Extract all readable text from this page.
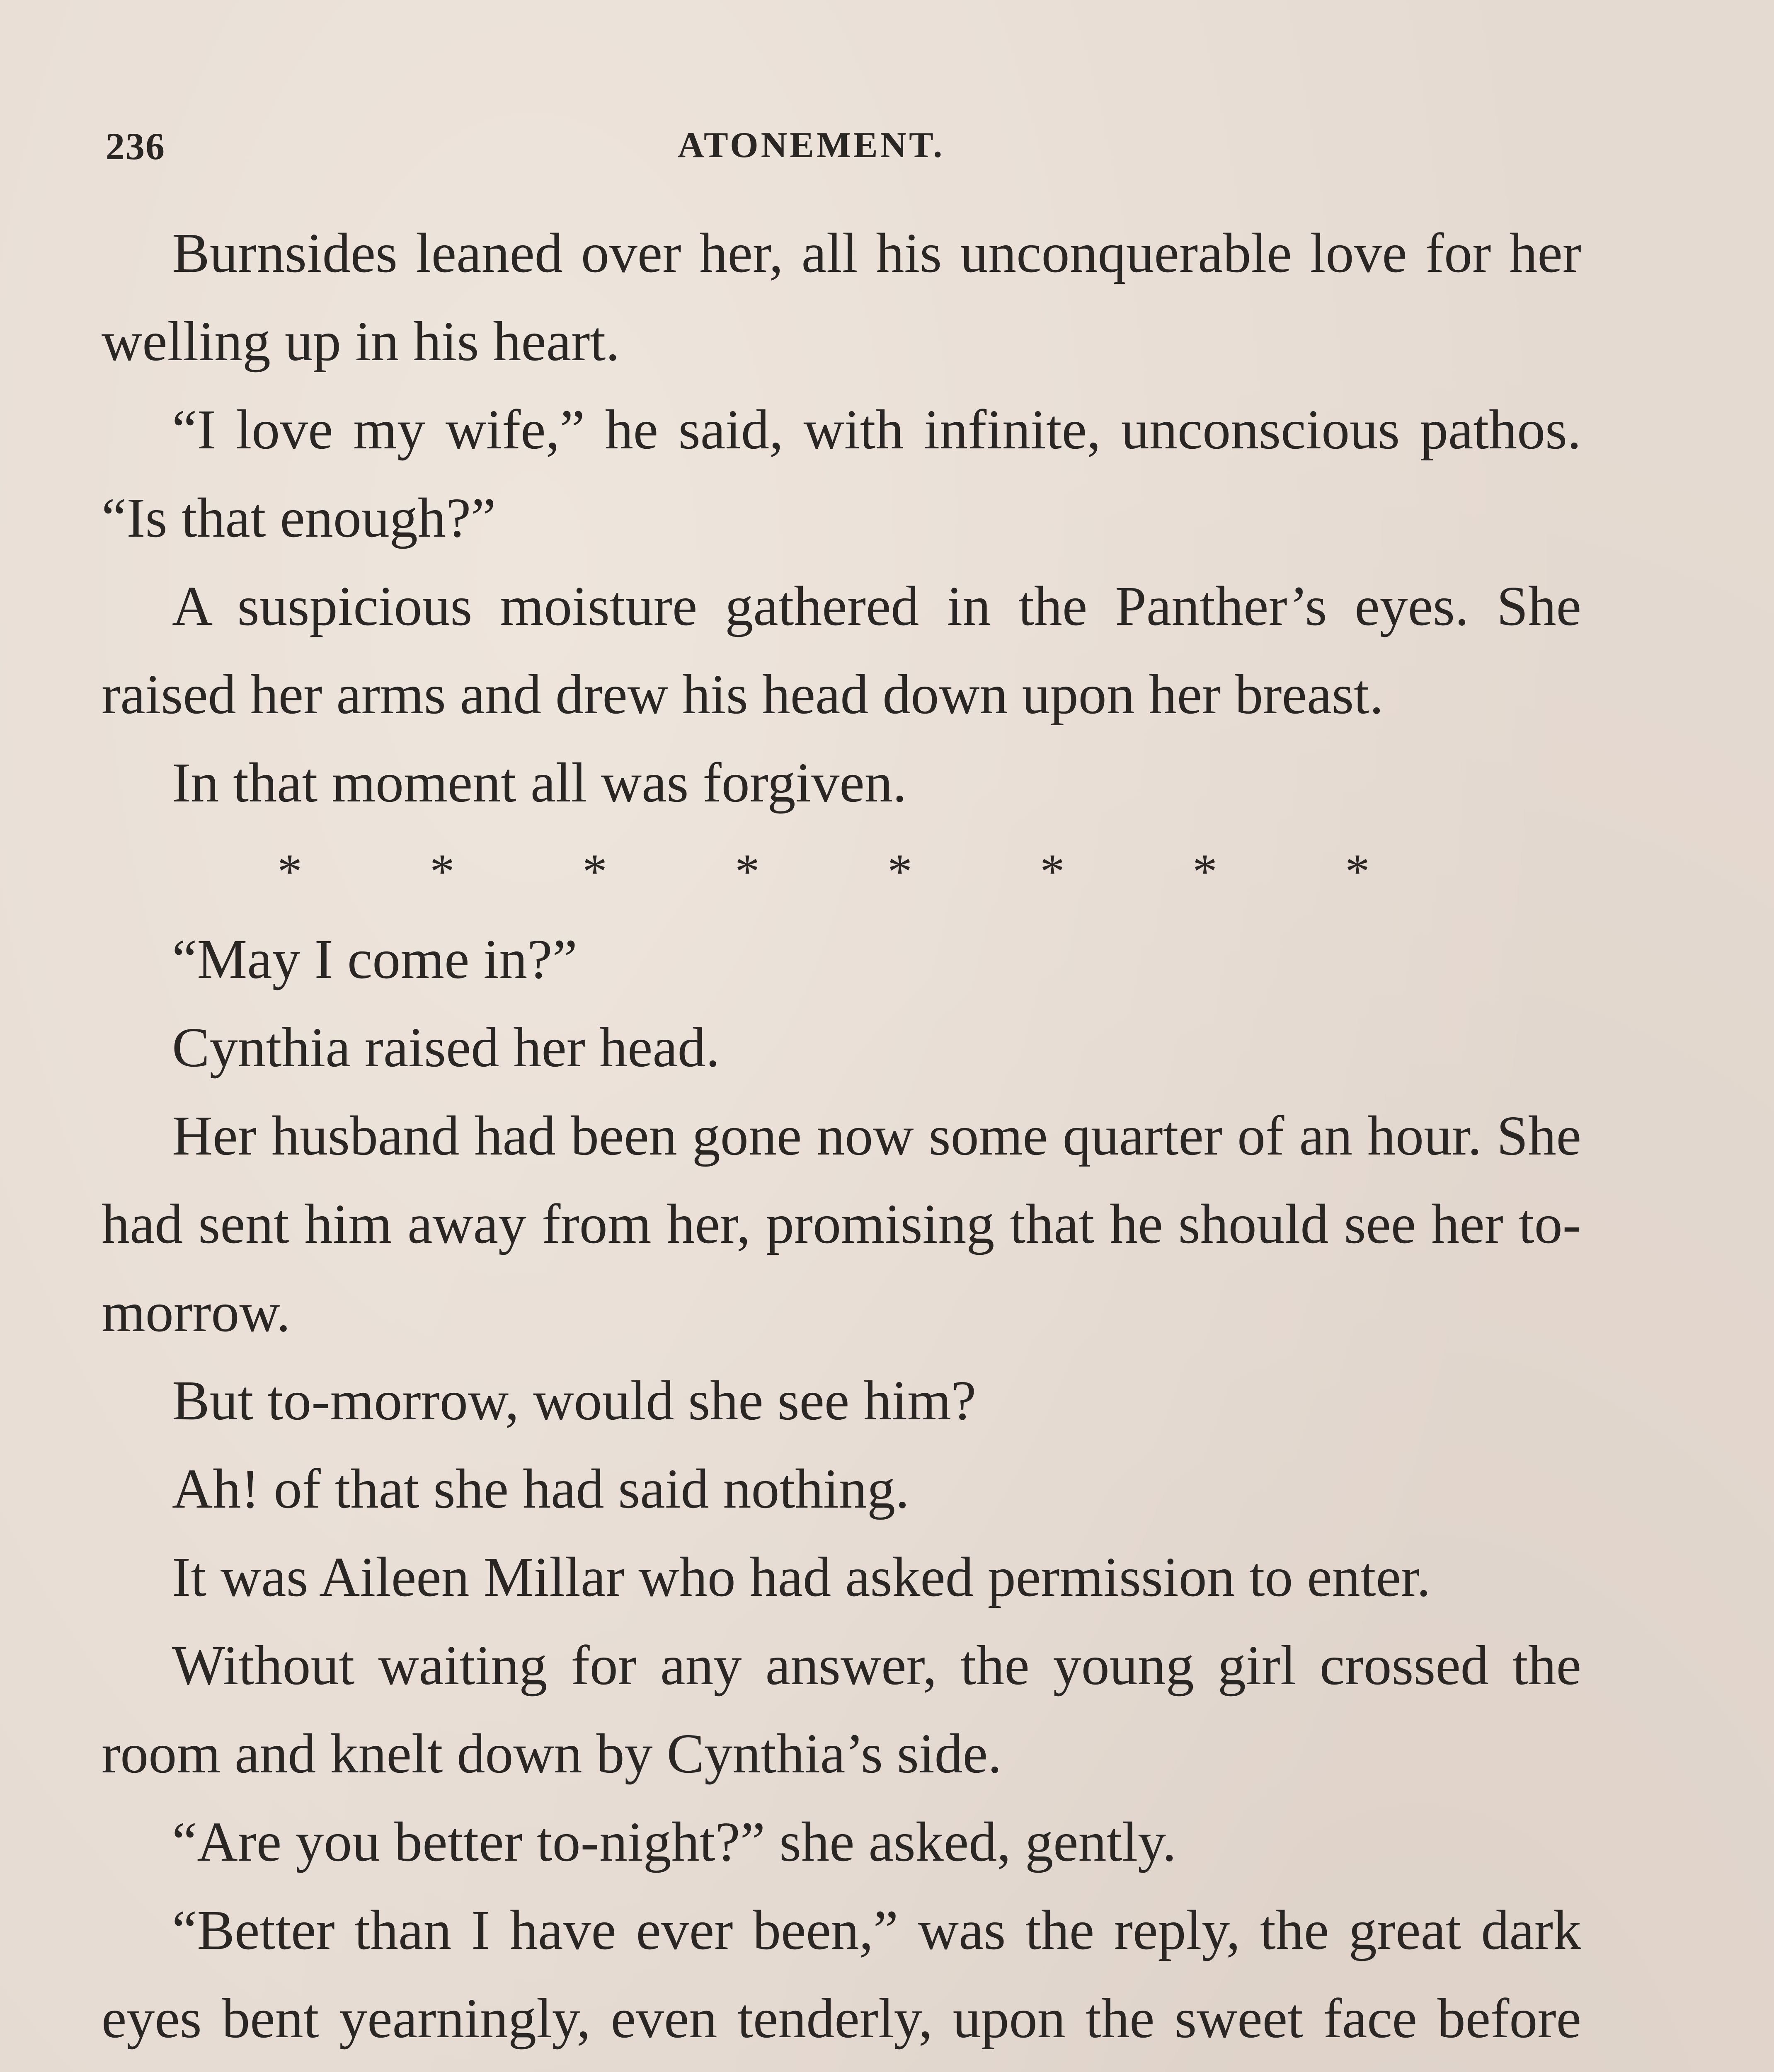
236	ATONEMENT.

Burnsides leaned over her, all his unconquerable love for her welling up in his heart.

“I love my wife,” he said, with infinite, unconscious pathos. “Is that enough?”

A suspicious moisture gathered in the Panther’s eyes. She raised her arms and drew his head down upon her breast.

In that moment all was forgiven.

*	*	*	*	*	*	*	*

“May I come in?”

Cynthia raised her head.

Her husband had been gone now some quarter of an hour. She had sent him away from her, promising that he should see her to-morrow.

But to-morrow, would she see him?

Ah! of that she had said nothing.

It was Aileen Millar who had asked permission to enter.

Without waiting for any answer, the young girl crossed the room and knelt down by Cynthia’s side.

“Are you better to-night?” she asked, gently.

“Better than I have ever been,” was the reply, the great dark eyes bent yearningly, even tenderly, upon the sweet face before
